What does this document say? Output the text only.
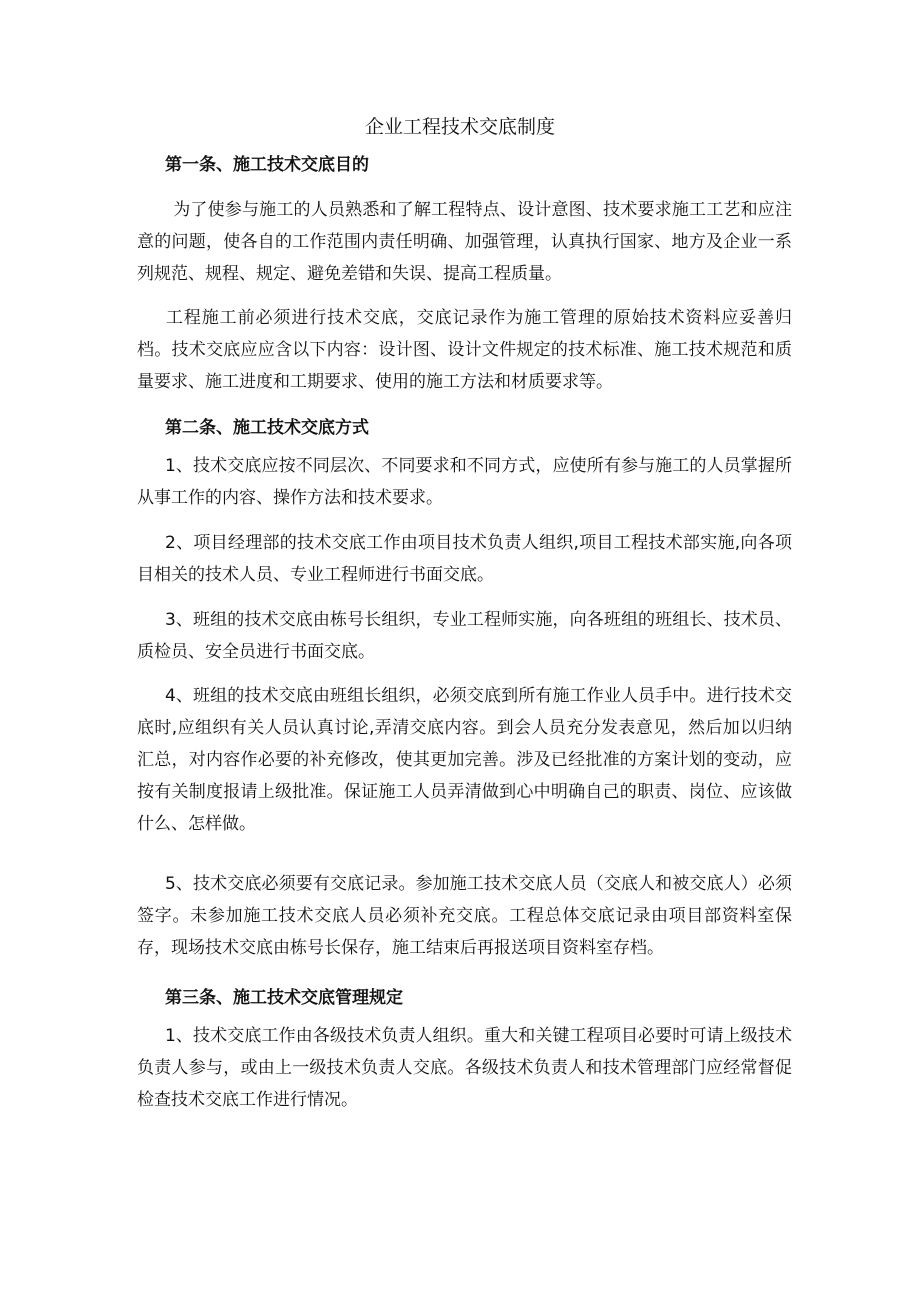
企业工程技术交底制度
第一条、施工技术交底目的

为了使参与施工的人员熟悉和了解工程特点、设计意图、技术要求施工工艺和应注意的问题，使各自的工作范围内责任明确、加强管理，认真执行国家、地方及企业一系列规范、规程、规定、避免差错和失误、提高工程质量。

工程施工前必须进行技术交底，交底记录作为施工管理的原始技术资料应妥善归档。技术交底应应含以下内容：设计图、设计文件规定的技术标准、施工技术规范和质量要求、施工进度和工期要求、使用的施工方法和材质要求等。

第二条、施工技术交底方式

1、技术交底应按不同层次、不同要求和不同方式，应使所有参与施工的人员掌握所从事工作的内容、操作方法和技术要求。

2、项目经理部的技术交底工作由项目技术负责人组织,项目工程技术部实施,向各项目相关的技术人员、专业工程师进行书面交底。

3、班组的技术交底由栋号长组织，专业工程师实施，向各班组的班组长、技术员、质检员、安全员进行书面交底。

4、班组的技术交底由班组长组织，必须交底到所有施工作业人员手中。进行技术交底时,应组织有关人员认真讨论,弄清交底内容。到会人员充分发表意见，然后加以归纳汇总，对内容作必要的补充修改，使其更加完善。涉及已经批准的方案计划的变动，应按有关制度报请上级批准。保证施工人员弄清做到心中明确自己的职责、岗位、应该做什么、怎样做。

5、技术交底必须要有交底记录。参加施工技术交底人员（交底人和被交底人）必须签字。未参加施工技术交底人员必须补充交底。工程总体交底记录由项目部资料室保存，现场技术交底由栋号长保存，施工结束后再报送项目资料室存档。

第三条、施工技术交底管理规定

1、技术交底工作由各级技术负责人组织。重大和关键工程项目必要时可请上级技术负责人参与，或由上一级技术负责人交底。各级技术负责人和技术管理部门应经常督促检查技术交底工作进行情况。
